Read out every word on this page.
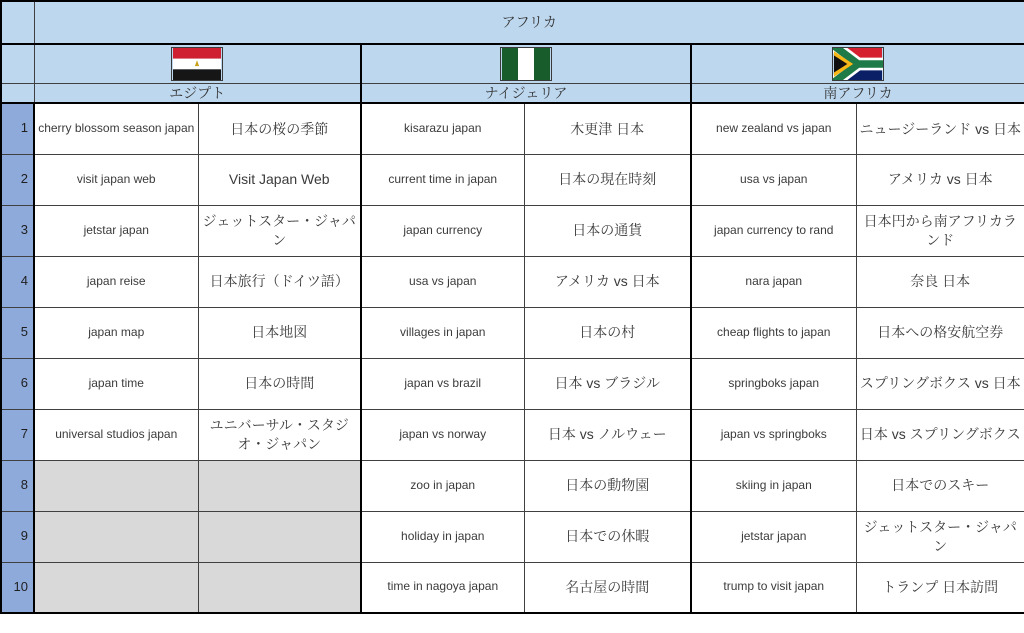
	アフリカ					

	エジプト		ナイジェリア		南アフリカ	
1	cherry blossom season japan	日本の桜の季節	kisarazu japan	木更津 日本	new zealand vs japan	ニュージーランド vs 日本
2	visit japan web	Visit Japan Web	current time in japan	日本の現在時刻	usa vs japan	アメリカ vs 日本
3	jetstar japan	ジェットスター・ジャパン	japan currency	日本の通貨	japan currency to rand	日本円から南アフリカランド
4	japan reise	日本旅行（ドイツ語）	usa vs japan	アメリカ vs 日本	nara japan	奈良 日本
5	japan map	日本地図	villages in japan	日本の村	cheap flights to japan	日本への格安航空券
6	japan time	日本の時間	japan vs brazil	日本 vs ブラジル	springboks japan	スプリングボクス vs 日本
7	universal studios japan	ユニバーサル・スタジオ・ジャパン	japan vs norway	日本 vs ノルウェー	japan vs springboks	日本 vs スプリングボクス
8			zoo in japan	日本の動物園	skiing in japan	日本でのスキー
9			holiday in japan	日本での休暇	jetstar japan	ジェットスター・ジャパン
10			time in nagoya japan	名古屋の時間	trump to visit japan	トランプ 日本訪問
